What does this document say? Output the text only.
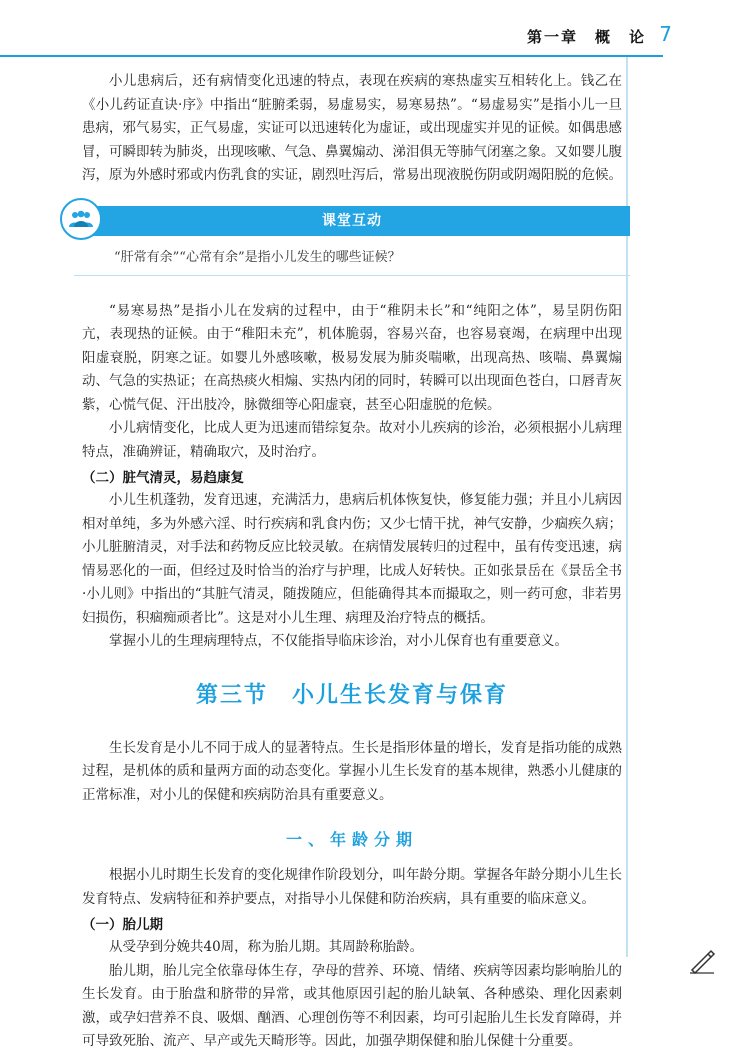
第一章　概　论 7

小儿患病后，还有病情变化迅速的特点，表现在疾病的寒热虚实互相转化上。钱乙在《小儿药证直诀·序》中指出“脏腑柔弱，易虚易实，易寒易热”。“易虚易实”是指小儿一旦患病，邪气易实，正气易虚，实证可以迅速转化为虚证，或出现虚实并见的证候。如偶患感冒，可瞬即转为肺炎，出现咳嗽、气急、鼻翼煽动、涕泪俱无等肺气闭塞之象。又如婴儿腹泻，原为外感时邪或内伤乳食的实证，剧烈吐泻后，常易出现液脱伤阴或阴竭阳脱的危候。

课堂互动
“肝常有余”“心常有余”是指小儿发生的哪些证候？

“易寒易热”是指小儿在发病的过程中，由于“稚阴未长”和“纯阳之体”，易呈阴伤阳亢，表现热的证候。由于“稚阳未充”，机体脆弱，容易兴奋，也容易衰竭，在病理中出现阳虚衰脱，阴寒之证。如婴儿外感咳嗽，极易发展为肺炎喘嗽，出现高热、咳喘、鼻翼煽动、气急的实热证；在高热痰火相煽、实热内闭的同时，转瞬可以出现面色苍白，口唇青灰紫，心慌气促、汗出肢冷，脉微细等心阳虚衰，甚至心阳虚脱的危候。

小儿病情变化，比成人更为迅速而错综复杂。故对小儿疾病的诊治，必须根据小儿病理特点，准确辨证，精确取穴，及时治疗。

（二）脏气清灵，易趋康复

小儿生机蓬勃，发育迅速，充满活力，患病后机体恢复快，修复能力强；并且小儿病因相对单纯，多为外感六淫、时行疾病和乳食内伤；又少七情干扰，神气安静，少痼疾久病；小儿脏腑清灵，对手法和药物反应比较灵敏。在病情发展转归的过程中，虽有传变迅速，病情易恶化的一面，但经过及时恰当的治疗与护理，比成人好转快。正如张景岳在《景岳全书·小儿则》中指出的“其脏气清灵，随拨随应，但能确得其本而撮取之，则一药可愈，非若男妇损伤，积痼痴顽者比”。这是对小儿生理、病理及治疗特点的概括。

掌握小儿的生理病理特点，不仅能指导临床诊治，对小儿保育也有重要意义。

第三节　小儿生长发育与保育

生长发育是小儿不同于成人的显著特点。生长是指形体量的增长，发育是指功能的成熟过程，是机体的质和量两方面的动态变化。掌握小儿生长发育的基本规律，熟悉小儿健康的正常标准，对小儿的保健和疾病防治具有重要意义。

一、年龄分期

根据小儿时期生长发育的变化规律作阶段划分，叫年龄分期。掌握各年龄分期小儿生长发育特点、发病特征和养护要点，对指导小儿保健和防治疾病，具有重要的临床意义。

（一）胎儿期

从受孕到分娩共40周，称为胎儿期。其周龄称胎龄。

胎儿期，胎儿完全依靠母体生存，孕母的营养、环境、情绪、疾病等因素均影响胎儿的生长发育。由于胎盘和脐带的异常，或其他原因引起的胎儿缺氧、各种感染、理化因素刺激，或孕妇营养不良、吸烟、酗酒、心理创伤等不利因素，均可引起胎儿生长发育障碍，并可导致死胎、流产、早产或先天畸形等。因此，加强孕期保健和胎儿保健十分重要。
